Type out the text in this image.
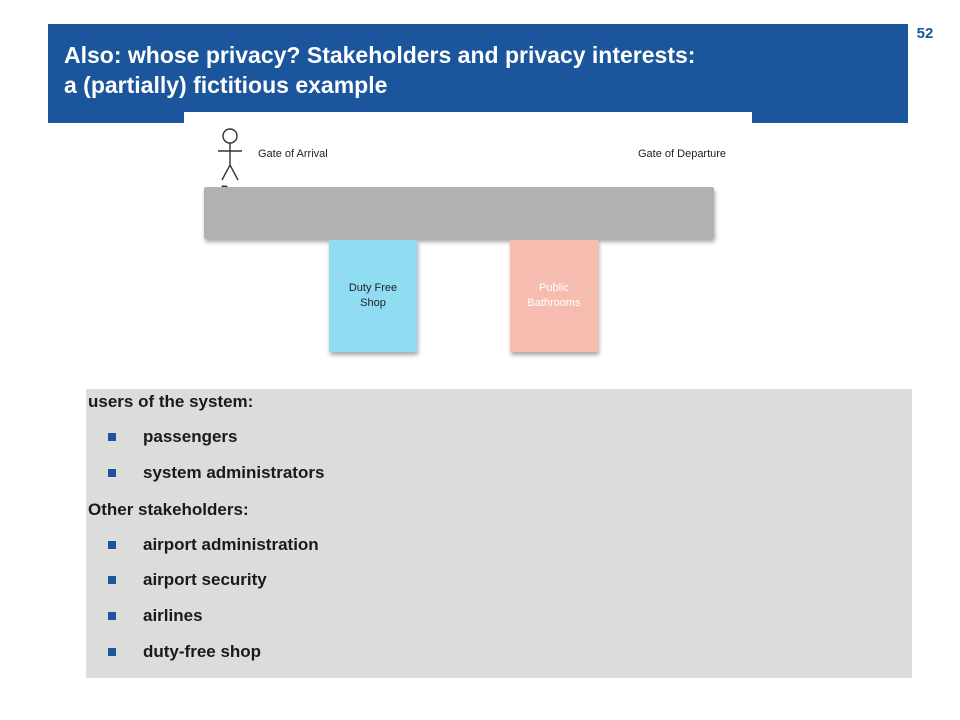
Also: whose privacy? Stakeholders and privacy interests:
a (partially) fictitious example
52
Gate of Arrival	Gate of Departure
Duty Free
Shop
Public
Bathrooms
users of the system:
passengers
system administrators
Other stakeholders:
airport administration
airport security
airlines
duty-free shop
